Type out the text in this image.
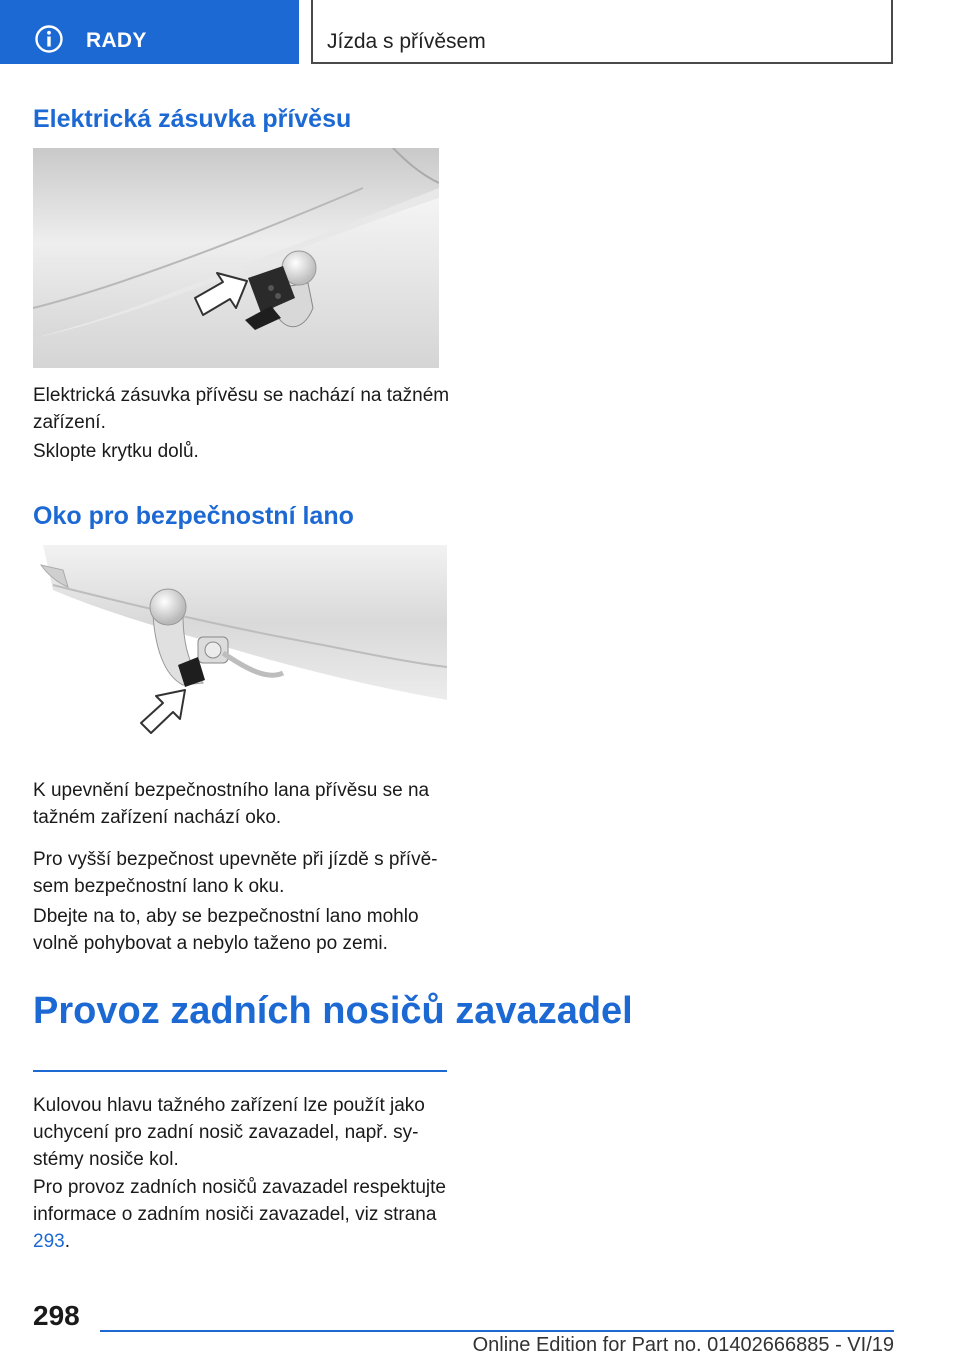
RADY	Jízda s přívěsem
Elektrická zásuvka přívěsu
Elektrická zásuvka přívěsu se nachází na tažném zařízení.
Sklopte krytku dolů.
Oko pro bezpečnostní lano
K upevnění bezpečnostního lana přívěsu se na tažném zařízení nachází oko.
Pro vyšší bezpečnost upevněte při jízdě s přívě-sem bezpečnostní lano k oku.
Dbejte na to, aby se bezpečnostní lano mohlo volně pohybovat a nebylo taženo po zemi.
Provoz zadních nosičů zavazadel
Kulovou hlavu tažného zařízení lze použít jako uchycení pro zadní nosič zavazadel, např. sy-stémy nosiče kol.
Pro provoz zadních nosičů zavazadel respektujte informace o zadním nosiči zavazadel, viz strana 293.
298
Online Edition for Part no. 01402666885 - VI/19
